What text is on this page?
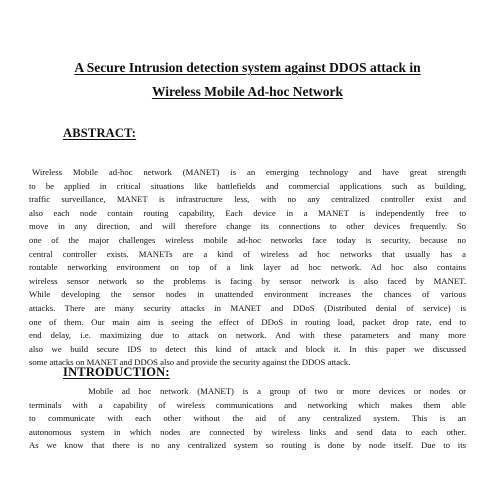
A Secure Intrusion detection system against DDOS attack in
Wireless Mobile Ad-hoc Network
ABSTRACT:
Wireless Mobile ad-hoc network (MANET) is an emerging technology and have great strength
to be applied in critical situations like battlefields and commercial applications such as building,
traffic surveillance, MANET is infrastructure less, with no any centralized controller exist and
also each node contain routing capability, Each device in a MANET is independently free to
move in any direction, and will therefore change its connections to other devices frequently. So
one of the major challenges wireless mobile ad-hoc networks face today is security, because no
central controller exists. MANETs are a kind of wireless ad hoc networks that usually has a
routable networking environment on top of a link layer ad hoc network. Ad hoc also contains
wireless sensor network so the problems is facing by sensor network is also faced by MANET.
While developing the sensor nodes in unattended environment increases the chances of various
attacks. There are many security attacks in MANET and DDoS (Distributed denial of service) is
one of them. Our main aim is seeing the effect of DDoS in routing load, packet drop rate, end to
end delay, i.e. maximizing due to attack on network. And with these parameters and many more
also we build secure IDS to detect this kind of attack and block it. In this paper we discussed
some attacks on MANET and DDOS also and provide the security against the DDOS attack.
INTRODUCTION:
Mobile ad hoc network (MANET) is a group of two or more devices or nodes or
terminals with a capability of wireless communications and networking which makes them able
to communicate with each other without the aid of any centralized system. This is an
autonomous system in which nodes are connected by wireless links and send data to each other.
As we know that there is no any centralized system so routing is done by node itself. Due to its
